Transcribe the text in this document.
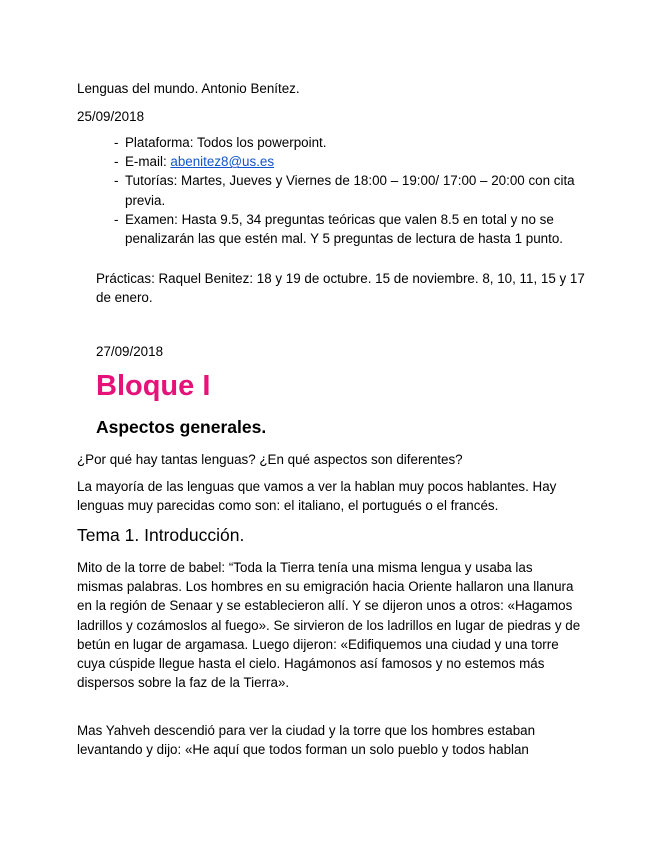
Lenguas del mundo. Antonio Benítez.

25/09/2018

- Plataforma: Todos los powerpoint.
- E-mail: abenitez8@us.es
- Tutorías: Martes, Jueves y Viernes de 18:00 – 19:00/ 17:00 – 20:00 con cita previa.
- Examen: Hasta 9.5, 34 preguntas teóricas que valen 8.5 en total y no se penalizarán las que estén mal. Y 5 preguntas de lectura de hasta 1 punto.

Prácticas: Raquel Benitez: 18 y 19 de octubre. 15 de noviembre. 8, 10, 11, 15 y 17 de enero.

27/09/2018

Bloque I
Aspectos generales.

¿Por qué hay tantas lenguas? ¿En qué aspectos son diferentes?

La mayoría de las lenguas que vamos a ver la hablan muy pocos hablantes. Hay lenguas muy parecidas como son: el italiano, el portugués o el francés.

Tema 1. Introducción.

Mito de la torre de babel: “Toda la Tierra tenía una misma lengua y usaba las mismas palabras. Los hombres en su emigración hacia Oriente hallaron una llanura en la región de Senaar y se establecieron allí. Y se dijeron unos a otros: «Hagamos ladrillos y cozámoslos al fuego». Se sirvieron de los ladrillos en lugar de piedras y de betún en lugar de argamasa. Luego dijeron: «Edifiquemos una ciudad y una torre cuya cúspide llegue hasta el cielo. Hagámonos así famosos y no estemos más dispersos sobre la faz de la Tierra».

Mas Yahveh descendió para ver la ciudad y la torre que los hombres estaban levantando y dijo: «He aquí que todos forman un solo pueblo y todos hablan
